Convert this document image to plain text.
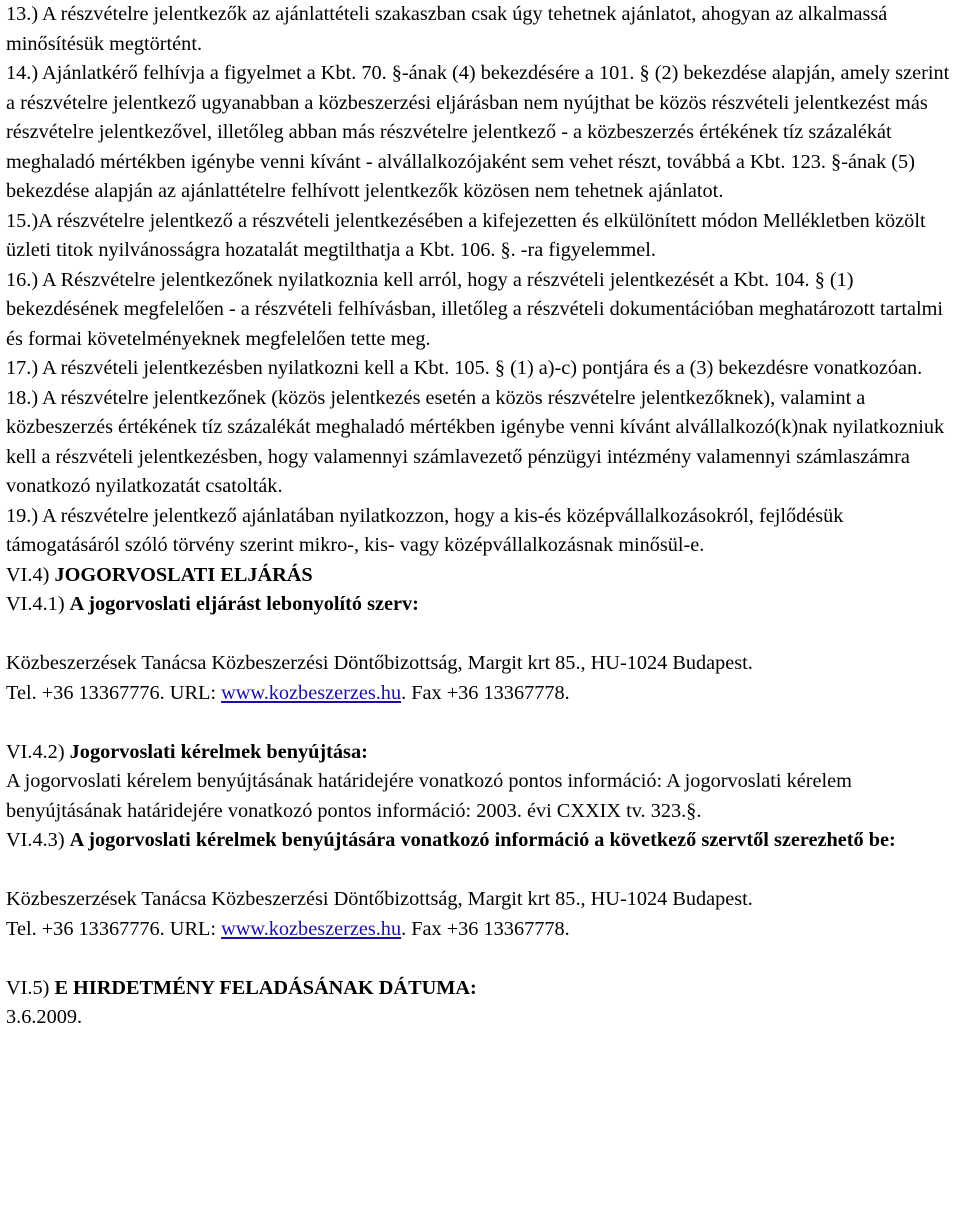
13.) A részvételre jelentkezők az ajánlattételi szakaszban csak úgy tehetnek ajánlatot, ahogyan az alkalmassá minősítésük megtörtént.

14.) Ajánlatkérő felhívja a figyelmet a Kbt. 70. §-ának (4) bekezdésére a 101. § (2) bekezdése alapján, amely szerint a részvételre jelentkező ugyanabban a közbeszerzési eljárásban nem nyújthat be közös részvételi jelentkezést más részvételre jelentkezővel, illetőleg abban más részvételre jelentkező - a közbeszerzés értékének tíz százalékát meghaladó mértékben igénybe venni kívánt - alvállalkozójaként sem vehet részt, továbbá a Kbt. 123. §-ának (5) bekezdése alapján az ajánlattételre felhívott jelentkezők közösen nem tehetnek ajánlatot.

15.)A részvételre jelentkező a részvételi jelentkezésében a kifejezetten és elkülönített módon Mellékletben közölt üzleti titok nyilvánosságra hozatalát megtilthatja a Kbt. 106. §. -ra figyelemmel.

16.) A Részvételre jelentkezőnek nyilatkoznia kell arról, hogy a részvételi jelentkezését a Kbt. 104. § (1) bekezdésének megfelelően - a részvételi felhívásban, illetőleg a részvételi dokumentációban meghatározott tartalmi és formai követelményeknek megfelelően tette meg.

17.) A részvételi jelentkezésben nyilatkozni kell a Kbt. 105. § (1) a)-c) pontjára és a (3) bekezdésre vonatkozóan.

18.) A részvételre jelentkezőnek (közös jelentkezés esetén a közös részvételre jelentkezőknek), valamint a közbeszerzés értékének tíz százalékát meghaladó mértékben igénybe venni kívánt alvállalkozó(k)nak nyilatkozniuk kell a részvételi jelentkezésben, hogy valamennyi számlavezető pénzügyi intézmény valamennyi számlaszámra vonatkozó nyilatkozatát csatolták.

19.) A részvételre jelentkező ajánlatában nyilatkozzon, hogy a kis-és középvállalkozásokról, fejlődésük támogatásáról szóló törvény szerint mikro-, kis- vagy középvállalkozásnak minősül-e.

VI.4) JOGORVOSLATI ELJÁRÁS

VI.4.1) A jogorvoslati eljárást lebonyolító szerv:

Közbeszerzések Tanácsa Közbeszerzési Döntőbizottság, Margit krt 85., HU-1024 Budapest.

Tel. +36 13367776. URL: www.kozbeszerzes.hu. Fax +36 13367778.

VI.4.2) Jogorvoslati kérelmek benyújtása:

A jogorvoslati kérelem benyújtásának határidejére vonatkozó pontos információ: A jogorvoslati kérelem benyújtásának határidejére vonatkozó pontos információ: 2003. évi CXXIX tv. 323.§.

VI.4.3) A jogorvoslati kérelmek benyújtására vonatkozó információ a következő szervtől szerezhető be:

Közbeszerzések Tanácsa Közbeszerzési Döntőbizottság, Margit krt 85., HU-1024 Budapest.

Tel. +36 13367776. URL: www.kozbeszerzes.hu. Fax +36 13367778.

VI.5) E HIRDETMÉNY FELADÁSÁNAK DÁTUMA:

3.6.2009.
